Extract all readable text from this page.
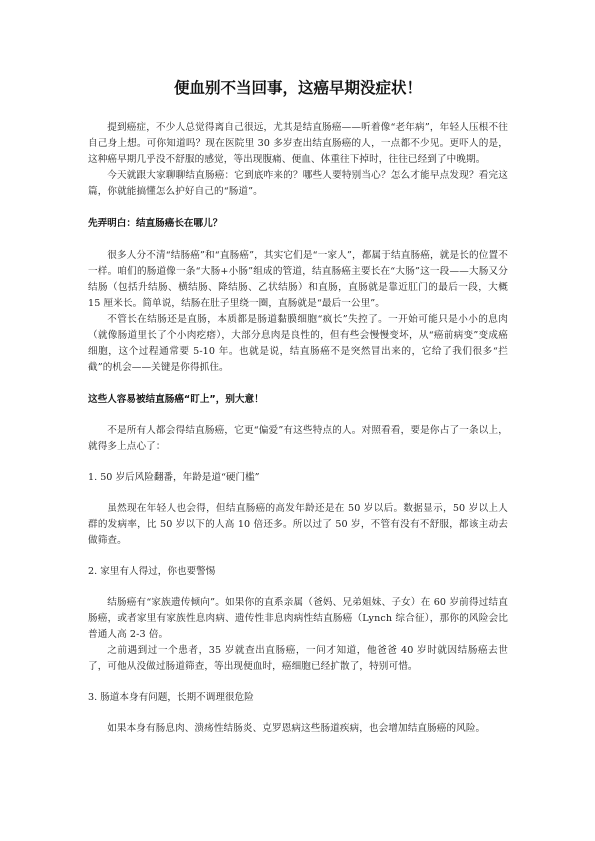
便血别不当回事，这癌早期没症状！

提到癌症，不少人总觉得离自己很远，尤其是结直肠癌——听着像“老年病”，年轻人压根不往自己身上想。可你知道吗？现在医院里 30 多岁查出结直肠癌的人，一点都不少见。更吓人的是，这种癌早期几乎没不舒服的感觉，等出现腹痛、便血、体重往下掉时，往往已经到了中晚期。

今天就跟大家聊聊结直肠癌：它到底咋来的？哪些人要特别当心？怎么才能早点发现？看完这篇，你就能搞懂怎么护好自己的“肠道”。

先弄明白：结直肠癌长在哪儿？

很多人分不清“结肠癌”和“直肠癌”，其实它们是“一家人”，都属于结直肠癌，就是长的位置不一样。咱们的肠道像一条“大肠+小肠”组成的管道，结直肠癌主要长在“大肠”这一段——大肠又分结肠（包括升结肠、横结肠、降结肠、乙状结肠）和直肠，直肠就是靠近肛门的最后一段，大概 15 厘米长。简单说，结肠在肚子里绕一圈，直肠就是“最后一公里”。

不管长在结肠还是直肠，本质都是肠道黏膜细胞“疯长”失控了。一开始可能只是小小的息肉（就像肠道里长了个小肉疙瘩），大部分息肉是良性的，但有些会慢慢变坏，从“癌前病变”变成癌细胞，这个过程通常要 5-10 年。也就是说，结直肠癌不是突然冒出来的，它给了我们很多“拦截”的机会——关键是你得抓住。

这些人容易被结直肠癌“盯上”，别大意！

不是所有人都会得结直肠癌，它更“偏爱”有这些特点的人。对照看看，要是你占了一条以上，就得多上点心了：

1. 50 岁后风险翻番，年龄是道“硬门槛”

虽然现在年轻人也会得，但结直肠癌的高发年龄还是在 50 岁以后。数据显示，50 岁以上人群的发病率，比 50 岁以下的人高 10 倍还多。所以过了 50 岁，不管有没有不舒服，都该主动去做筛查。

2. 家里有人得过，你也要警惕

结肠癌有“家族遗传倾向”。如果你的直系亲属（爸妈、兄弟姐妹、子女）在 60 岁前得过结直肠癌，或者家里有家族性息肉病、遗传性非息肉病性结直肠癌（Lynch 综合征），那你的风险会比普通人高 2-3 倍。

之前遇到过一个患者，35 岁就查出直肠癌，一问才知道，他爸爸 40 岁时就因结肠癌去世了，可他从没做过肠道筛查，等出现便血时，癌细胞已经扩散了，特别可惜。

3. 肠道本身有问题，长期不调理很危险

如果本身有肠息肉、溃疡性结肠炎、克罗恩病这些肠道疾病，也会增加结直肠癌的风险。
